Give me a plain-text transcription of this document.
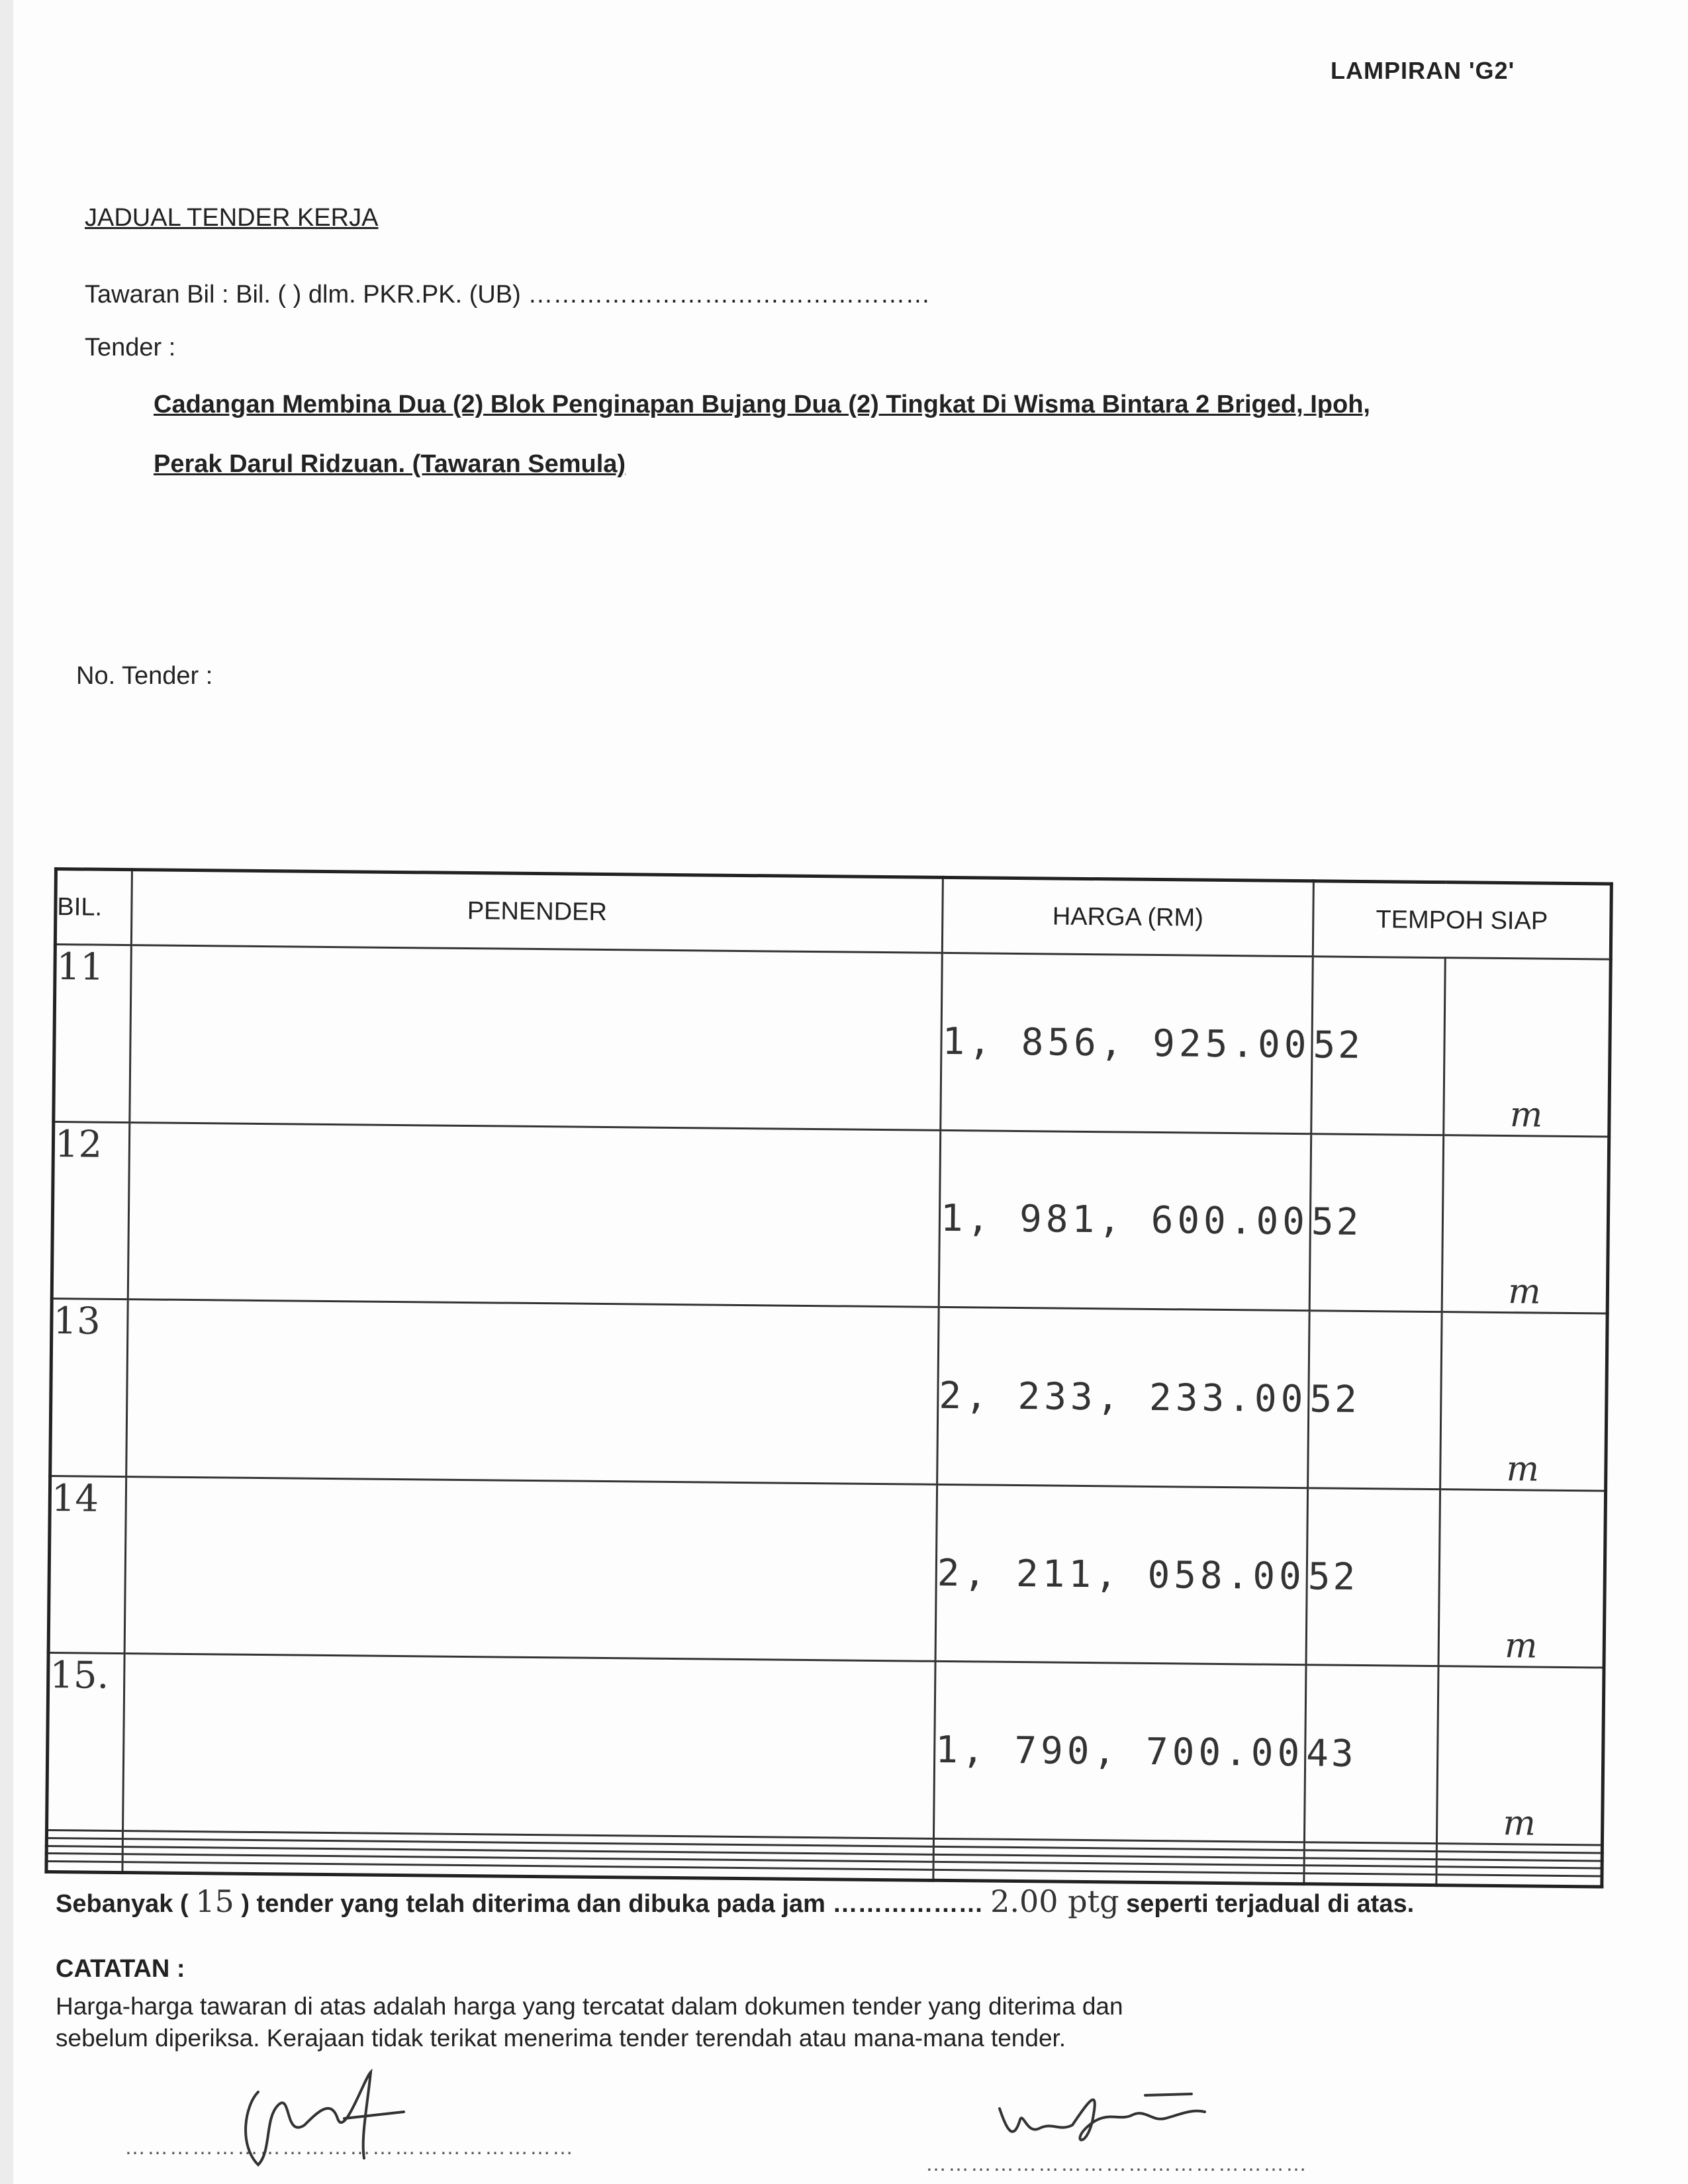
LAMPIRAN 'G2'
JADUAL TENDER KERJA
Tawaran Bil : Bil. ( ) dlm. PKR.PK. (UB) …………………………………………
Tender :
Cadangan Membina Dua (2) Blok Penginapan Bujang Dua (2) Tingkat Di Wisma Bintara 2 Briged, Ipoh,
Perak Darul Ridzuan. (Tawaran Semula)
No. Tender :
BIL.	PENENDER	HARGA (RM)	TEMPOH SIAP	
11		1, 856, 925.00	52	m
12		1, 981, 600.00	52	m
13		2, 233, 233.00	52	m
14		2, 211, 058.00	52	m
15.		1, 790, 700.00	43	m

Sebanyak ( 15 ) tender yang telah diterima dan dibuka pada jam ……………… 2.00 ptg seperti terjadual di atas.
CATATAN :
Harga-harga tawaran di atas adalah harga yang tercatat dalam dokumen tender yang diterima dan
sebelum diperiksa. Kerajaan tidak terikat menerima tender terendah atau mana-mana tender.
……………………………………………………
……………………………………………
